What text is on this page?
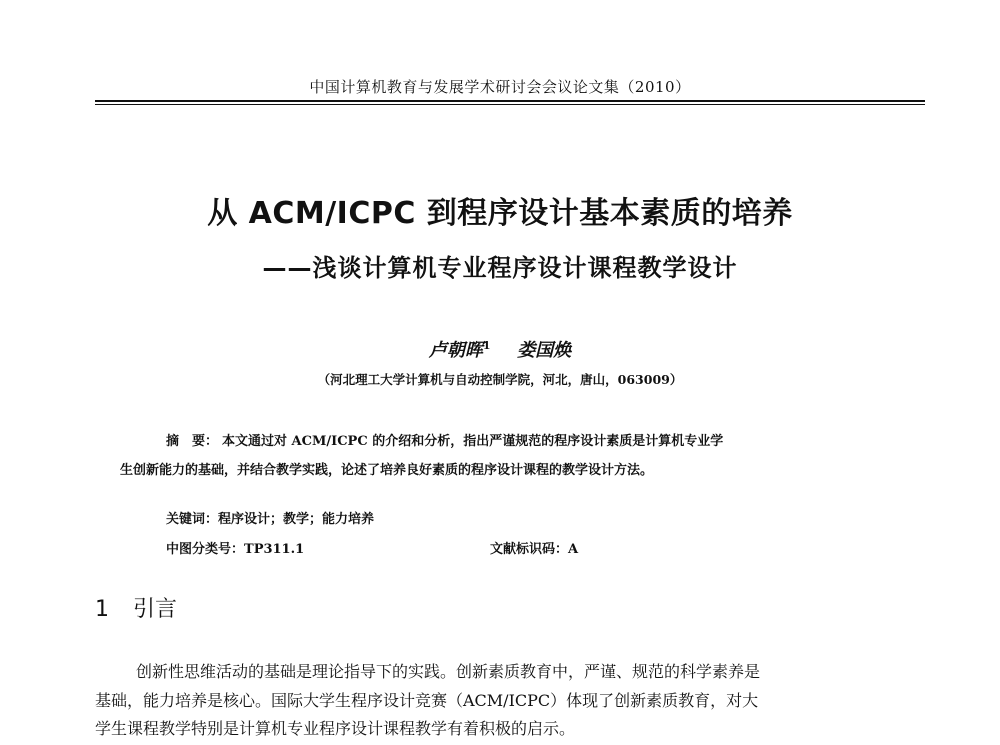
中国计算机教育与发展学术研讨会会议论文集（2010）
从 ACM/ICPC 到程序设计基本素质的培养
——浅谈计算机专业程序设计课程教学设计
卢朝晖$^1$ 娄国焕
（河北理工大学计算机与自动控制学院，河北，唐山，063009）
摘　要： 本文通过对 ACM/ICPC 的介绍和分析，指出严谨规范的程序设计素质是计算机专业学
生创新能力的基础，并结合教学实践，论述了培养良好素质的程序设计课程的教学设计方法。
关键词：程序设计；教学；能力培养
中图分类号：TP311.1	文献标识码：A
1 引言
创新性思维活动的基础是理论指导下的实践。创新素质教育中，严谨、规范的科学素养是
基础，能力培养是核心。国际大学生程序设计竞赛（ACM/ICPC）体现了创新素质教育，对大
学生课程教学特别是计算机专业程序设计课程教学有着积极的启示。
